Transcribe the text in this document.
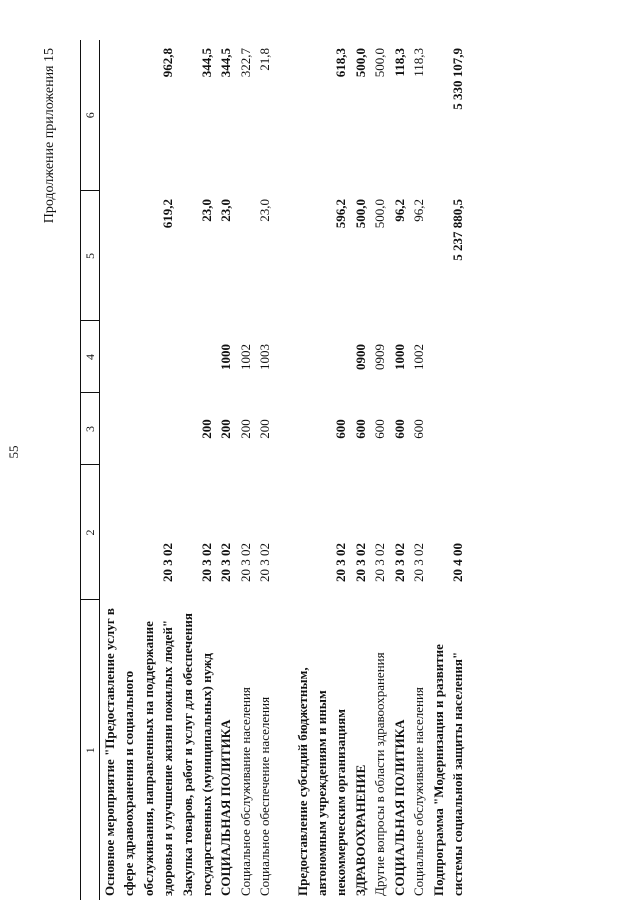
55
Продолжение приложения 15
1	2	3	4	5	6
Основное мероприятие "Предоставление услуг в сфере здравоохранения и социального обслуживания, направленных на поддержание здоровья и улучшение жизни пожилых людей"	20 3 02			619,2	962,8
Закупка товаров, работ и услуг для обеспечения государственных (муниципальных) нужд	20 3 02	200		23,0	344,5
СОЦИАЛЬНАЯ ПОЛИТИКА	20 3 02	200	1000	23,0	344,5
Социальное обслуживание населения	20 3 02	200	1002		322,7
Социальное обеспечение населения	20 3 02	200	1003	23,0	21,8

Предоставление субсидий бюджетным, автономным учреждениям и иным некоммерческим организациям	20 3 02	600		596,2	618,3
ЗДРАВООХРАНЕНИЕ	20 3 02	600	0900	500,0	500,0
Другие вопросы в области здравоохранения	20 3 02	600	0909	500,0	500,0
СОЦИАЛЬНАЯ ПОЛИТИКА	20 3 02	600	1000	96,2	118,3
Социальное обслуживание населения	20 3 02	600	1002	96,2	118,3
Подпрограмма "Модернизация и развитие системы социальной защиты населения"	20 4 00			5 237 880,5	5 330 107,9
